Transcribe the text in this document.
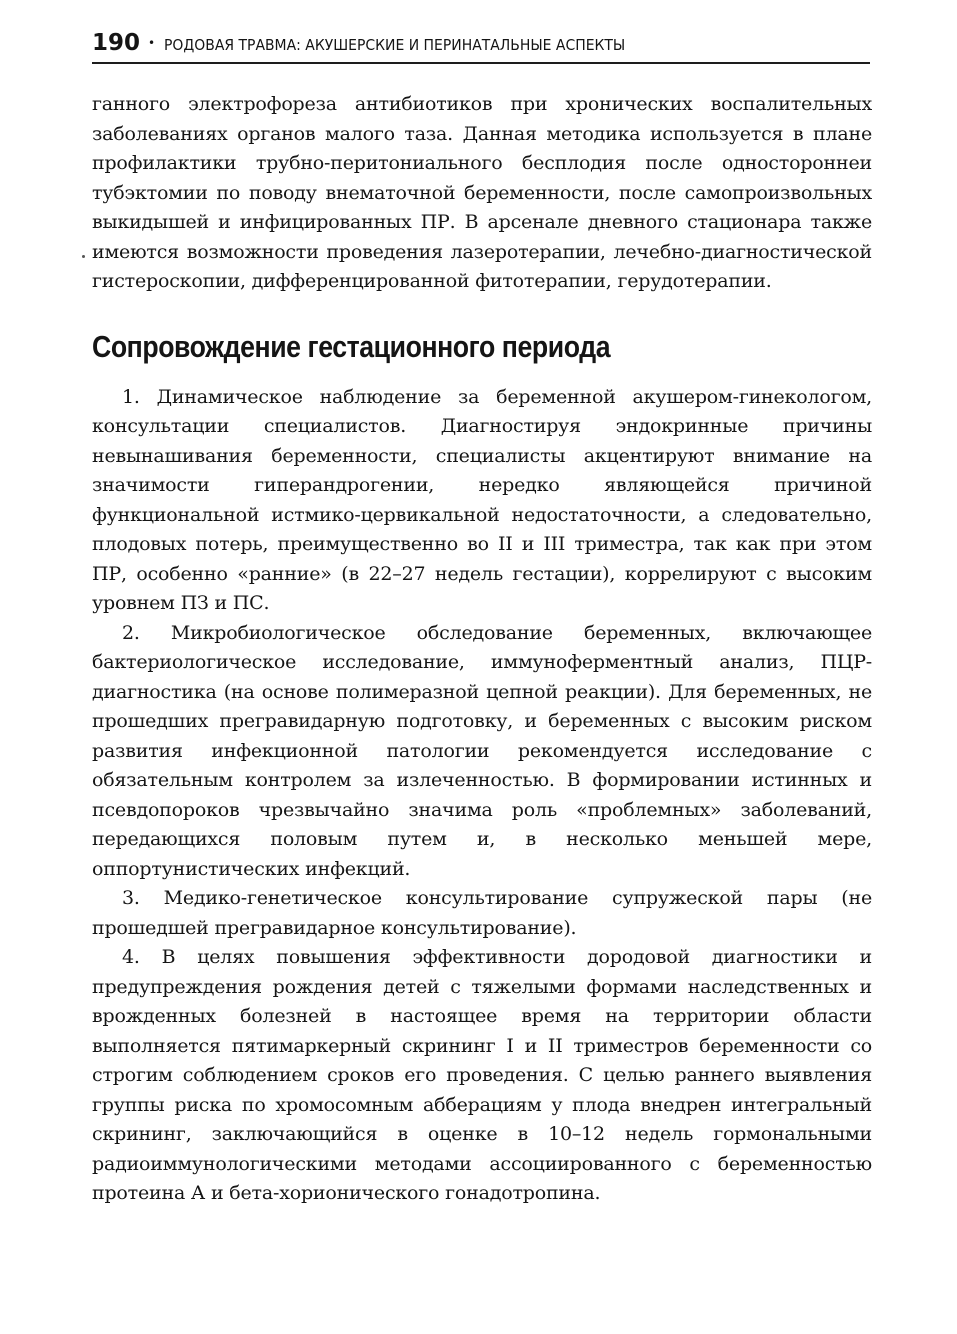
190 • РОДОВАЯ ТРАВМА: АКУШЕРСКИЕ И ПЕРИНАТАЛЬНЫЕ АСПЕКТЫ

ганного электрофореза антибиотиков при хронических воспалительных заболеваниях органов малого таза. Данная методика используется в плане профилактики трубно-перитониального бесплодия после одностороннеи тубэктомии по поводу внематочной беременности, после самопроизвольных выкидышей и инфицированных ПР. В арсенале дневного стационара также имеются возможности проведения лазеротерапии, лечебно-диагностической гистероскопии, дифференцированной фитотерапии, герудотерапии.

Сопровождение гестационного периода

1. Динамическое наблюдение за беременной акушером-гинекологом, консультации специалистов. Диагностируя эндокринные причины невынашивания беременности, специалисты акцентируют внимание на значимости гиперандрогении, нередко являющейся причиной функциональной истмико-цервикальной недостаточности, а следовательно, плодовых потерь, преимущественно во II и III триместра, так как при этом ПР, особенно «ранние» (в 22–27 недель гестации), коррелируют с высоким уровнем ПЗ и ПС.

2. Микробиологическое обследование беременных, включающее бактериологическое исследование, иммуноферментный анализ, ПЦР-диагностика (на основе полимеразной цепной реакции). Для беременных, не прошедших прегравидарную подготовку, и беременных с высоким риском развития инфекционной патологии рекомендуется исследование с обязательным контролем за излеченностью. В формировании истинных и псевдопороков чрезвычайно значима роль «проблемных» заболеваний, передающихся половым путем и, в несколько меньшей мере, оппортунистических инфекций.

3. Медико-генетическое консультирование супружеской пары (не прошедшей прегравидарное консультирование).

4. В целях повышения эффективности дородовой диагностики и предупреждения рождения детей с тяжелыми формами наследственных и врожденных болезней в настоящее время на территории области выполняется пятимаркерный скрининг I и II триместров беременности со строгим соблюдением сроков его проведения. С целью раннего выявления группы риска по хромосомным абберациям у плода внедрен интегральный скрининг, заключающийся в оценке в 10–12 недель гормональными радиоиммунологическими методами ассоциированного с беременностью протеина А и бета-хорионического гонадотропина.
